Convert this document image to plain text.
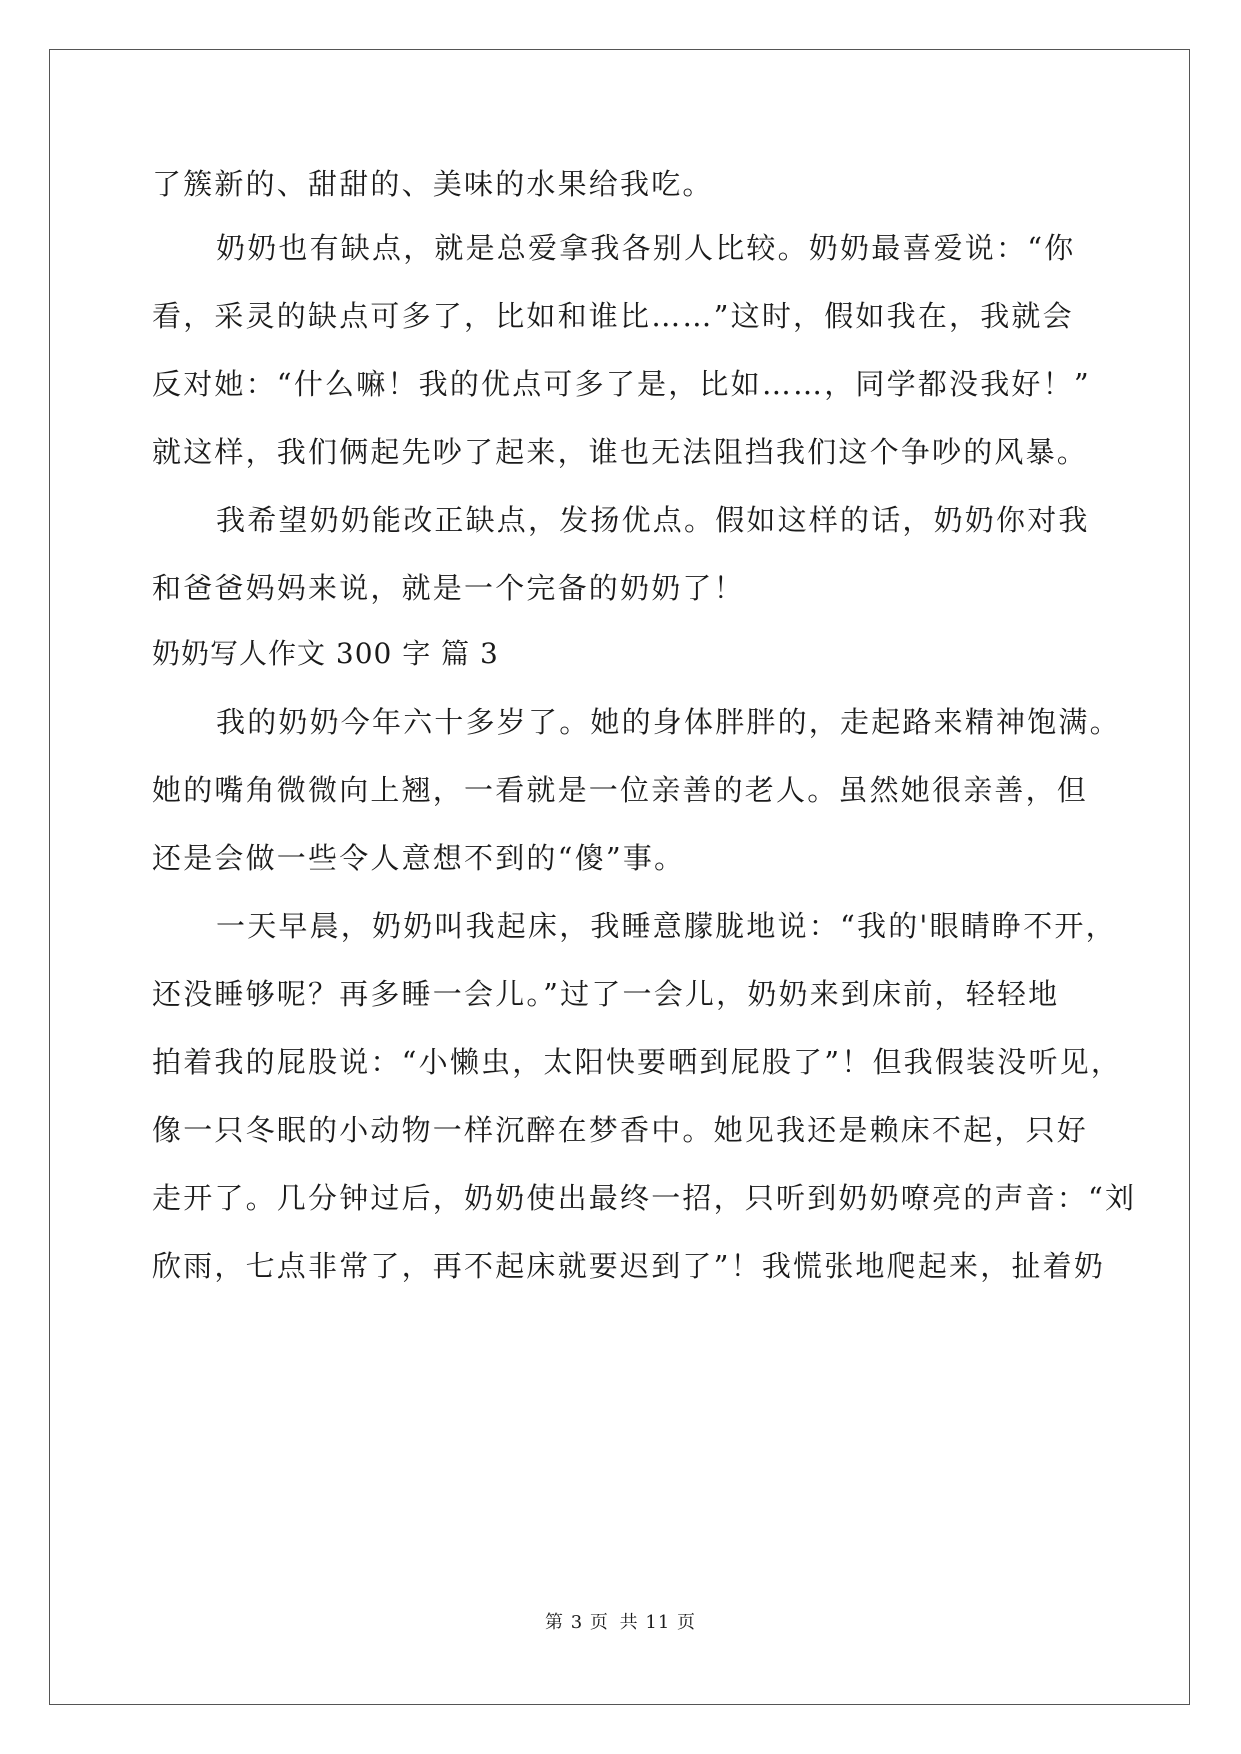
了簇新的、甜甜的、美味的水果给我吃。
奶奶也有缺点，就是总爱拿我各别人比较。奶奶最喜爱说：“你
看，采灵的缺点可多了，比如和谁比……”这时，假如我在，我就会
反对她：“什么嘛！我的优点可多了是，比如……，同学都没我好！”
就这样，我们俩起先吵了起来，谁也无法阻挡我们这个争吵的风暴。
我希望奶奶能改正缺点，发扬优点。假如这样的话，奶奶你对我
和爸爸妈妈来说，就是一个完备的奶奶了！
奶奶写人作文 300 字 篇 3
我的奶奶今年六十多岁了。她的身体胖胖的，走起路来精神饱满。
她的嘴角微微向上翘，一看就是一位亲善的老人。虽然她很亲善，但
还是会做一些令人意想不到的“傻”事。
一天早晨，奶奶叫我起床，我睡意朦胧地说：“我的'眼睛睁不开，
还没睡够呢？再多睡一会儿。”过了一会儿，奶奶来到床前，轻轻地
拍着我的屁股说：“小懒虫，太阳快要晒到屁股了”！但我假装没听见，
像一只冬眠的小动物一样沉醉在梦香中。她见我还是赖床不起，只好
走开了。几分钟过后，奶奶使出最终一招，只听到奶奶嘹亮的声音：“刘
欣雨，七点非常了，再不起床就要迟到了”！我慌张地爬起来，扯着奶
第 3 页 共 11 页
